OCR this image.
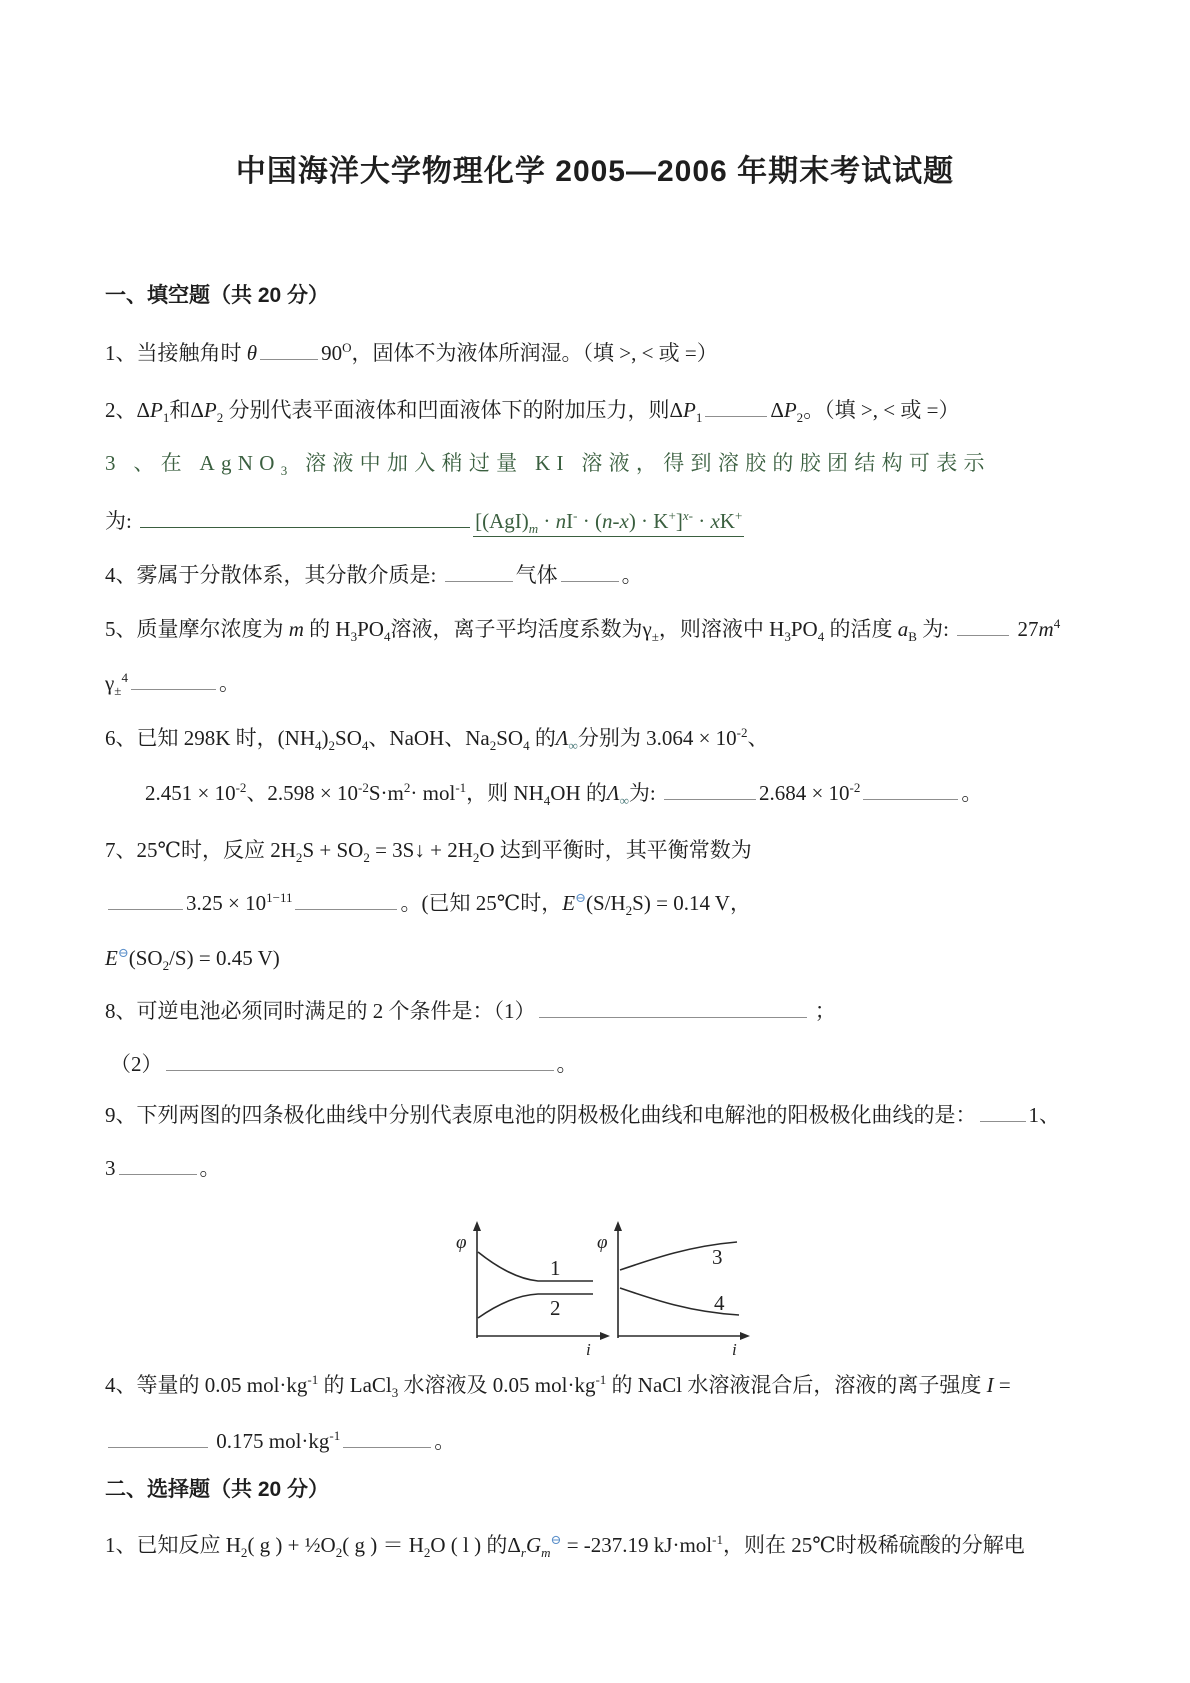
中国海洋大学物理化学 2005—2006 年期末考试试题
一、填空题（共 20 分）
1、当接触角时 θ	$90^O$，固体不为液体所润湿。（填 >, < 或 =）
2、$\Delta P_1$和$\Delta P_2$ 分别代表平面液体和凹面液体下的附加压力，则$\Delta P_1$	$\Delta P_2$。（填 >, < 或 =）
3 、在 AgNO$_3$ 溶液中加入稍过量 KI 溶液，得到溶胶的胶团结构可表示
为:	$[(AgI)_m \cdot nI^- \cdot (n-x) \cdot K^+]^{x-} \cdot xK^+$
4、雾属于分散体系，其分散介质是:	气体	。
5、质量摩尔浓度为 m 的 $H_3PO_4$溶液，离子平均活度系数为$\gamma_\pm$，则溶液中 $H_3PO_4$ 的活度 $a_B$ 为:	$27m^4$
$\gamma_\pm^4$	。
6、已知 298K 时，$(NH_4)_2SO_4$、NaOH、$Na_2SO_4$ 的$\Lambda_\infty$分别为 $3.064 \times 10^{-2}$、
$2.451 \times 10^{-2}$、$2.598 \times 10^{-2}S\cdot m^2\cdot mol^{-1}$，则 $NH_4OH$ 的$\Lambda_\infty$为:	$2.684 \times 10^{-2}$	。
7、25℃时，反应 $2H_2S + SO_2$ = 3S↓ + $2H_2O$ 达到平衡时，其平衡常数为
$3.25 \times 10^{1-11}$	。(已知 25℃时，$E^⊖(S/H_2S) = 0.14$ V，
$E^⊖(SO_2/S) = 0.45$ V)
8、可逆电池必须同时满足的 2 个条件是：（1）	；
（2）	。
9、下列两图的四条极化曲线中分别代表原电池的阴极极化曲线和电解池的阳极极化曲线的是： 1、
3	。
φ
i
1
2
φ
i
3
4
4、等量的 0.05 $mol\cdot kg^{-1}$ 的 LaCl$_3$ 水溶液及 0.05 $mol\cdot kg^{-1}$ 的 NaCl 水溶液混合后，溶液的离子强度 I =
0.175 $mol\cdot kg^{-1}$	。
二、选择题（共 20 分）
1、已知反应 $H_2$( g ) + $\frac{1}{2}O_2$( g ) ＝ $H_2O$ ( l ) 的$\Delta_rG_m^⊖ = -237.19$ kJ·mol$^{-1}$，则在 25℃时极稀硫酸的分解电
